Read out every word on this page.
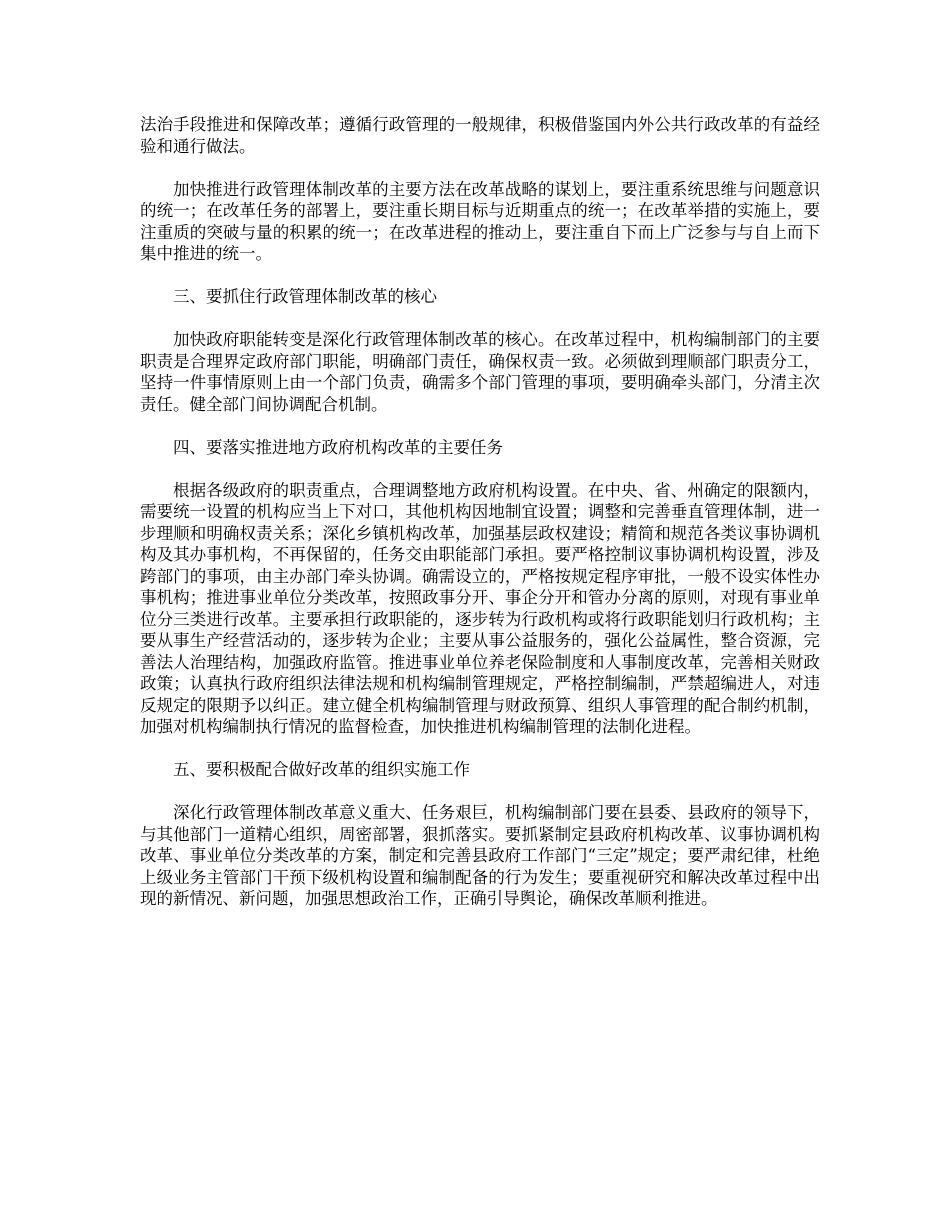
法治手段推进和保障改革；遵循行政管理的一般规律，积极借鉴国内外公共行政改革的有益经验和通行做法。

加快推进行政管理体制改革的主要方法在改革战略的谋划上，要注重系统思维与问题意识的统一；在改革任务的部署上，要注重长期目标与近期重点的统一；在改革举措的实施上，要注重质的突破与量的积累的统一；在改革进程的推动上，要注重自下而上广泛参与与自上而下集中推进的统一。

三、要抓住行政管理体制改革的核心

加快政府职能转变是深化行政管理体制改革的核心。在改革过程中，机构编制部门的主要职责是合理界定政府部门职能，明确部门责任，确保权责一致。必须做到理顺部门职责分工，坚持一件事情原则上由一个部门负责，确需多个部门管理的事项，要明确牵头部门，分清主次责任。健全部门间协调配合机制。

四、要落实推进地方政府机构改革的主要任务

根据各级政府的职责重点，合理调整地方政府机构设置。在中央、省、州确定的限额内，需要统一设置的机构应当上下对口，其他机构因地制宜设置；调整和完善垂直管理体制，进一步理顺和明确权责关系；深化乡镇机构改革，加强基层政权建设；精简和规范各类议事协调机构及其办事机构，不再保留的，任务交由职能部门承担。要严格控制议事协调机构设置，涉及跨部门的事项，由主办部门牵头协调。确需设立的，严格按规定程序审批，一般不设实体性办事机构；推进事业单位分类改革，按照政事分开、事企分开和管办分离的原则，对现有事业单位分三类进行改革。主要承担行政职能的，逐步转为行政机构或将行政职能划归行政机构；主要从事生产经营活动的，逐步转为企业；主要从事公益服务的，强化公益属性，整合资源，完善法人治理结构，加强政府监管。推进事业单位养老保险制度和人事制度改革，完善相关财政政策；认真执行政府组织法律法规和机构编制管理规定，严格控制编制，严禁超编进人，对违反规定的限期予以纠正。建立健全机构编制管理与财政预算、组织人事管理的配合制约机制，加强对机构编制执行情况的监督检查，加快推进机构编制管理的法制化进程。

五、要积极配合做好改革的组织实施工作

深化行政管理体制改革意义重大、任务艰巨，机构编制部门要在县委、县政府的领导下，与其他部门一道精心组织，周密部署，狠抓落实。要抓紧制定县政府机构改革、议事协调机构改革、事业单位分类改革的方案，制定和完善县政府工作部门“三定”规定；要严肃纪律，杜绝上级业务主管部门干预下级机构设置和编制配备的行为发生；要重视研究和解决改革过程中出现的新情况、新问题，加强思想政治工作，正确引导舆论，确保改革顺利推进。
